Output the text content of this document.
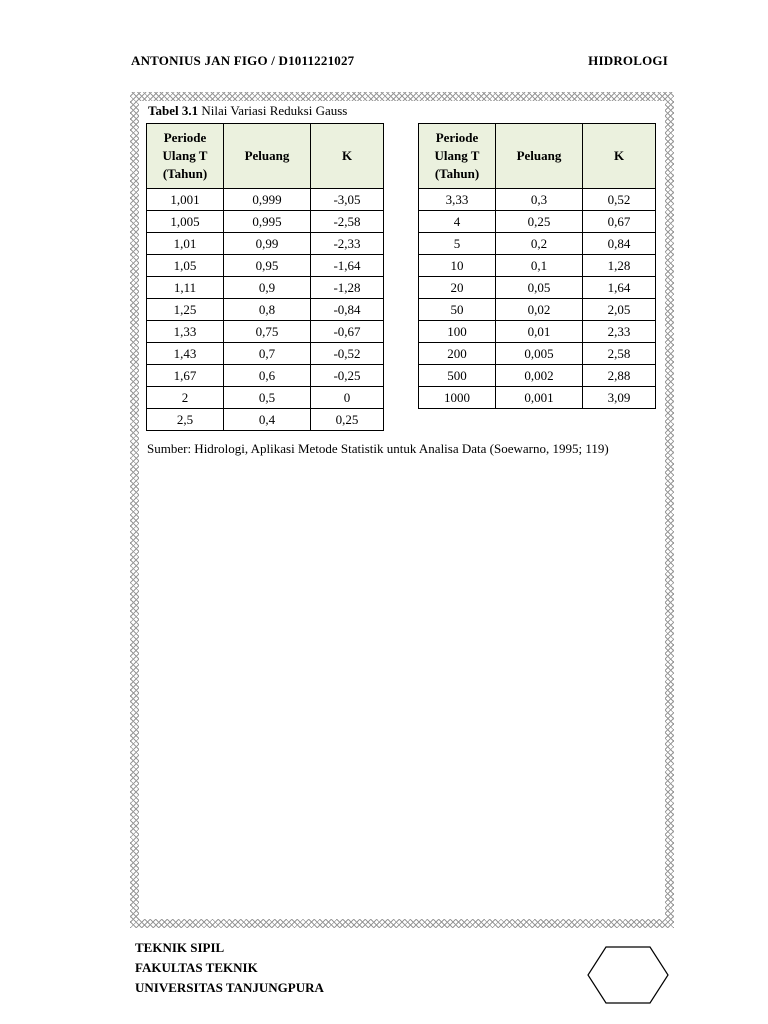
ANTONIUS JAN FIGO / D1011221027	HIDROLOGI
Tabel 3.1 Nilai Variasi Reduksi Gauss
Periode
Ulang T
(Tahun)	Peluang	K
1,001	0,999	-3,05
1,005	0,995	-2,58
1,01	0,99	-2,33
1,05	0,95	-1,64
1,11	0,9	-1,28
1,25	0,8	-0,84
1,33	0,75	-0,67
1,43	0,7	-0,52
1,67	0,6	-0,25
2	0,5	0
2,5	0,4	0,25
Periode
Ulang T
(Tahun)	Peluang	K
3,33	0,3	0,52
4	0,25	0,67
5	0,2	0,84
10	0,1	1,28
20	0,05	1,64
50	0,02	2,05
100	0,01	2,33
200	0,005	2,58
500	0,002	2,88
1000	0,001	3,09
Sumber: Hidrologi, Aplikasi Metode Statistik untuk Analisa Data (Soewarno, 1995; 119)
TEKNIK SIPIL
FAKULTAS TEKNIK
UNIVERSITAS TANJUNGPURA
